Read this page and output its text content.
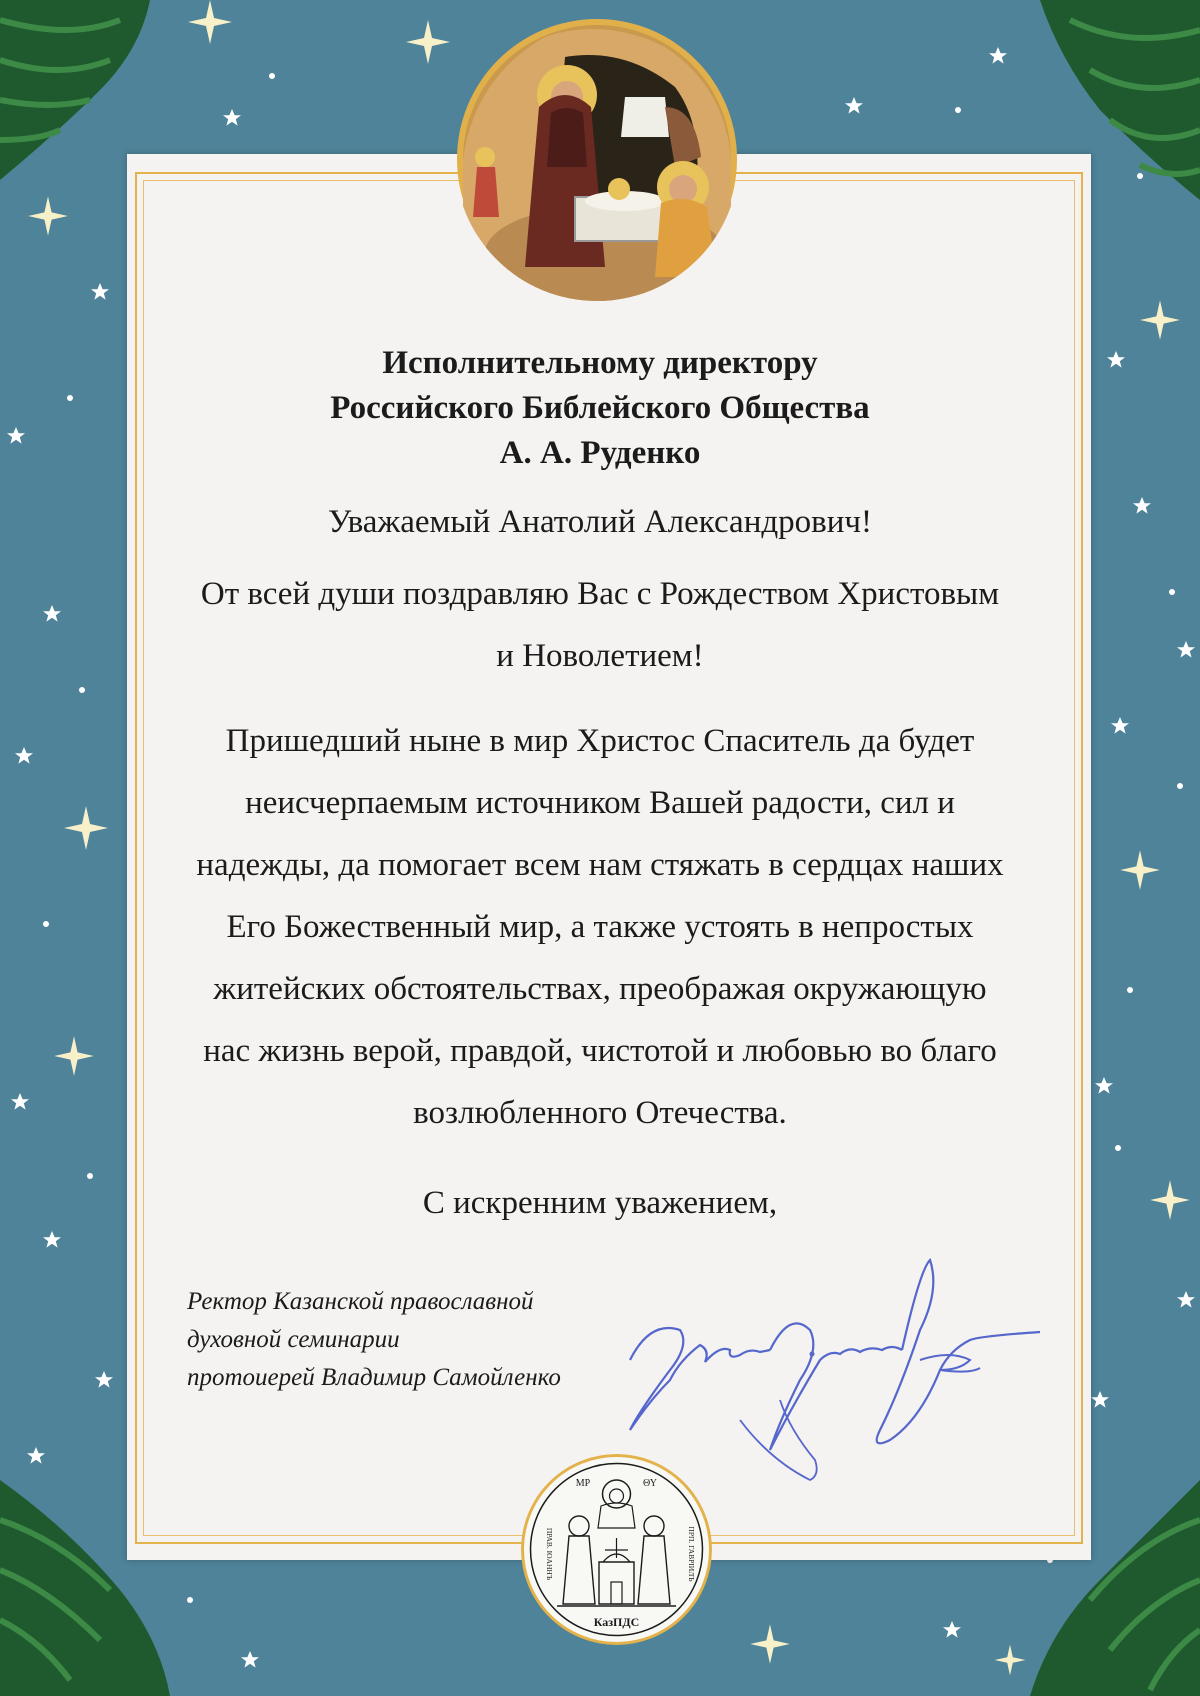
Исполнительному директору
Российского Библейского Общества
А. А. Руденко
Уважаемый Анатолий Александрович!
От всей души поздравляю Вас с Рождеством Христовым
и Новолетием!
Пришедший ныне в мир Христос Спаситель да будет
неисчерпаемым источником Вашей радости, сил и
надежды, да помогает всем нам стяжать в сердцах наших
Его Божественный мир, а также устоять в непростых
житейских обстоятельствах, преображая окружающую
нас жизнь верой, правдой, чистотой и любовью во благо
возлюбленного Отечества.
С искренним уважением,
Ректор Казанской православной
духовной семинарии
протоиерей Владимир Самойленко
МР	ΘΥ
ПРАВ. IOАННЪ	ПРП. ГАВРIИЛЪ
КазПДС
